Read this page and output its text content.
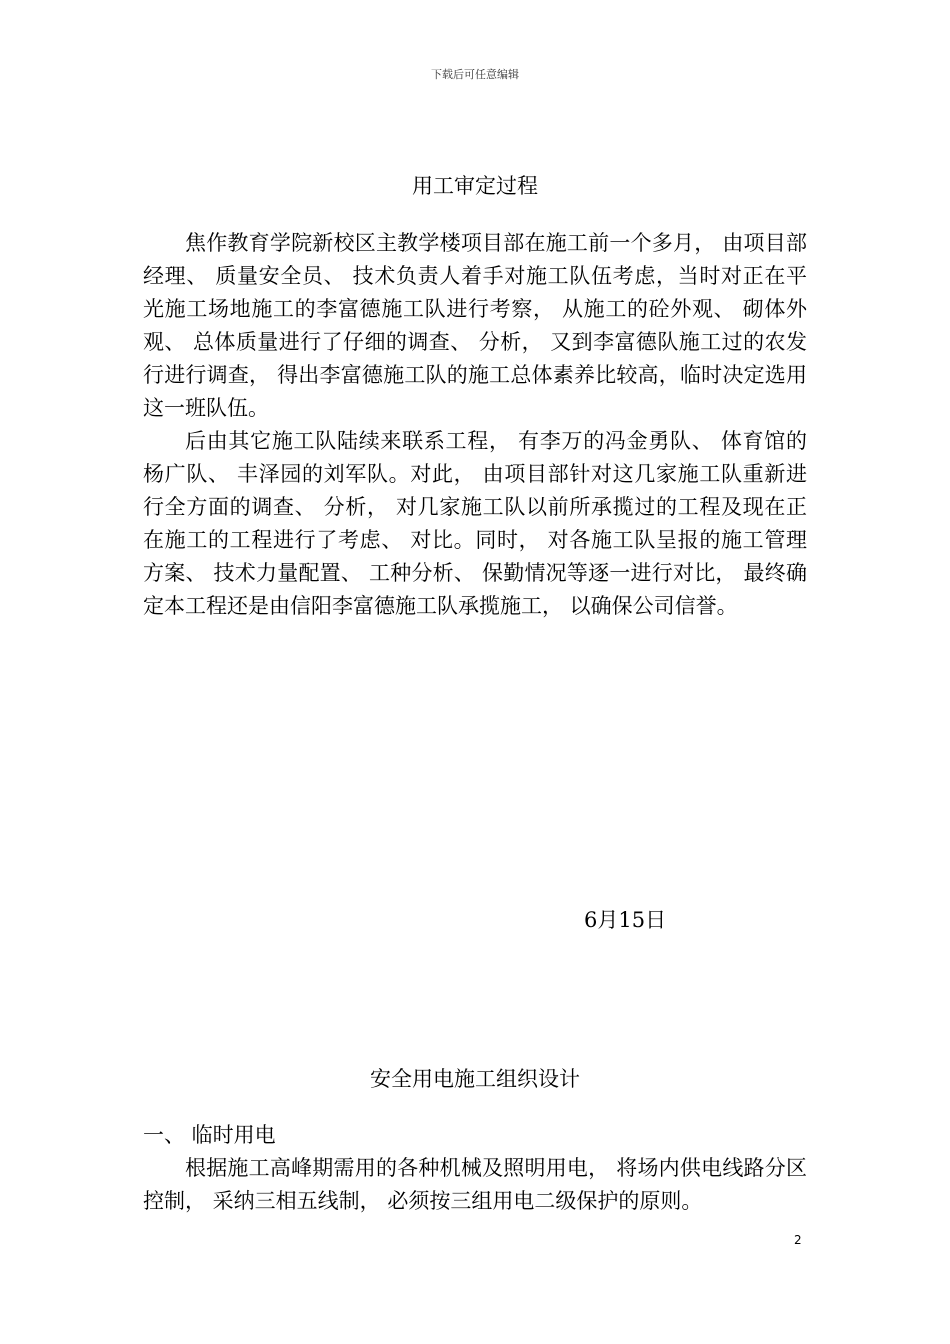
下载后可任意编辑
用工审定过程

焦作教育学院新校区主教学楼项目部在施工前一个多月， 由项目部经理、 质量安全员、 技术负责人着手对施工队伍考虑，当时对正在平光施工场地施工的李富德施工队进行考察， 从施工的砼外观、 砌体外观、 总体质量进行了仔细的调查、 分析， 又到李富德队施工过的农发行进行调查， 得出李富德施工队的施工总体素养比较高，临时决定选用这一班队伍。

后由其它施工队陆续来联系工程， 有李万的冯金勇队、 体育馆的杨广队、 丰泽园的刘军队。对此， 由项目部针对这几家施工队重新进行全方面的调查、 分析， 对几家施工队以前所承揽过的工程及现在正在施工的工程进行了考虑、 对比。同时， 对各施工队呈报的施工管理方案、 技术力量配置、 工种分析、 保勤情况等逐一进行对比， 最终确定本工程还是由信阳李富德施工队承揽施工， 以确保公司信誉。

6月15日
安全用电施工组织设计
一、 临时用电

根据施工高峰期需用的各种机械及照明用电， 将场内供电线路分区控制， 采纳三相五线制， 必须按三组用电二级保护的原则。

2
